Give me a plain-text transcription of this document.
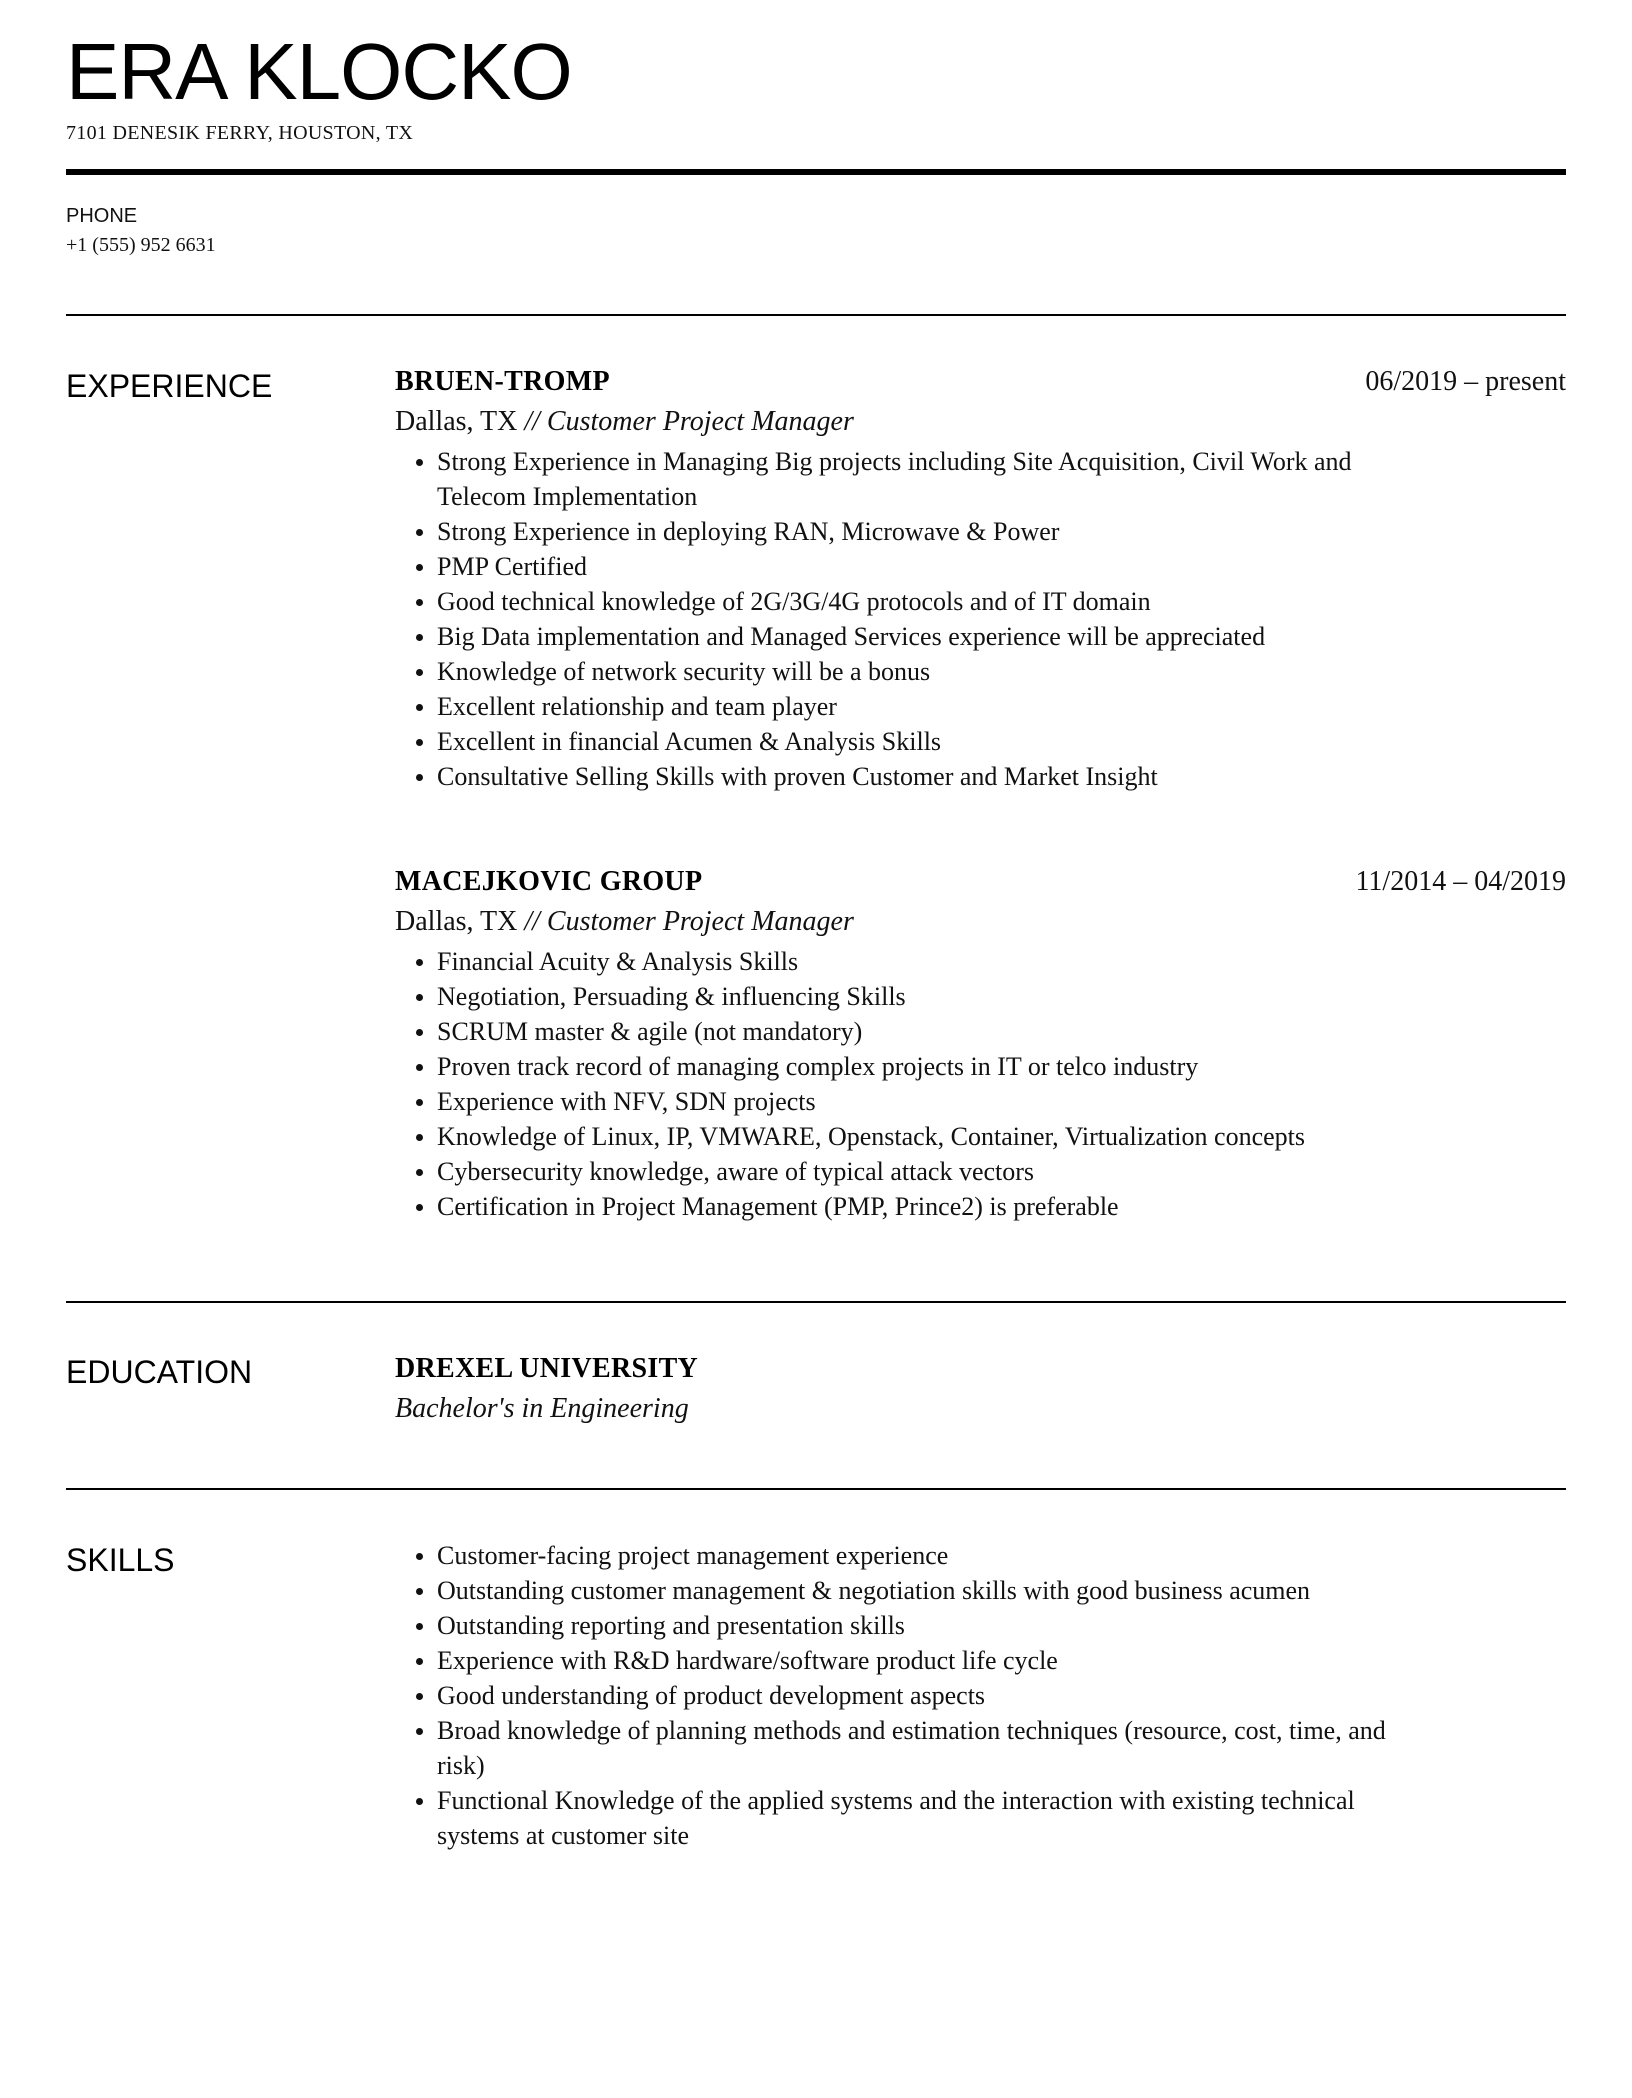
ERA KLOCKO
7101 DENESIK FERRY, HOUSTON, TX
PHONE
+1 (555) 952 6631
EXPERIENCE	BRUEN-TROMP	06/2019 – present
Dallas, TX // Customer Project Manager
Strong Experience in Managing Big projects including Site Acquisition, Civil Work and
Telecom Implementation
Strong Experience in deploying RAN, Microwave & Power
PMP Certified
Good technical knowledge of 2G/3G/4G protocols and of IT domain
Big Data implementation and Managed Services experience will be appreciated
Knowledge of network security will be a bonus
Excellent relationship and team player
Excellent in financial Acumen & Analysis Skills
Consultative Selling Skills with proven Customer and Market Insight
MACEJKOVIC GROUP	11/2014 – 04/2019
Dallas, TX // Customer Project Manager
Financial Acuity & Analysis Skills
Negotiation, Persuading & influencing Skills
SCRUM master & agile (not mandatory)
Proven track record of managing complex projects in IT or telco industry
Experience with NFV, SDN projects
Knowledge of Linux, IP, VMWARE, Openstack, Container, Virtualization concepts
Cybersecurity knowledge, aware of typical attack vectors
Certification in Project Management (PMP, Prince2) is preferable
EDUCATION	DREXEL UNIVERSITY
Bachelor's in Engineering
SKILLS	Customer-facing project management experience
Outstanding customer management & negotiation skills with good business acumen
Outstanding reporting and presentation skills
Experience with R&D hardware/software product life cycle
Good understanding of product development aspects
Broad knowledge of planning methods and estimation techniques (resource, cost, time, and
risk)
Functional Knowledge of the applied systems and the interaction with existing technical
systems at customer site
